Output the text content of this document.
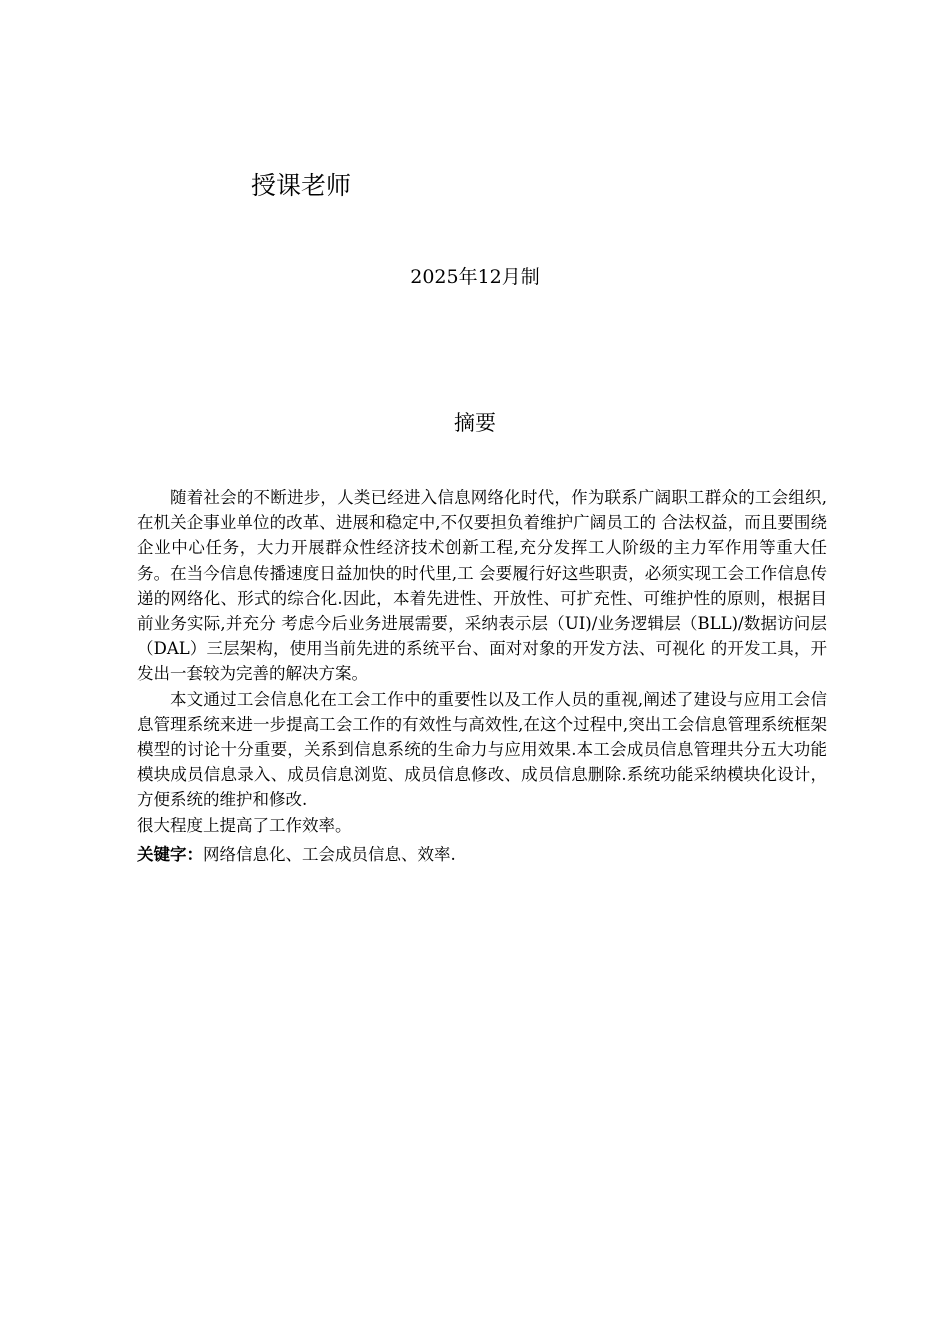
授课老师
2025年12月制
摘要

随着社会的不断进步，人类已经进入信息网络化时代，作为联系广阔职工群众的工会组织,在机关企事业单位的改革、进展和稳定中,不仅要担负着维护广阔员工的 合法权益，而且要围绕企业中心任务，大力开展群众性经济技术创新工程,充分发挥工人阶级的主力军作用等重大任务。在当今信息传播速度日益加快的时代里,工 会要履行好这些职责，必须实现工会工作信息传递的网络化、形式的综合化.因此，本着先进性、开放性、可扩充性、可维护性的原则，根据目前业务实际,并充分 考虑今后业务进展需要，采纳表示层（UI)/业务逻辑层（BLL)/数据访问层（DAL）三层架构，使用当前先进的系统平台、面对对象的开发方法、可视化 的开发工具，开发出一套较为完善的解决方案。

本文通过工会信息化在工会工作中的重要性以及工作人员的重视,阐述了建设与应用工会信息管理系统来进一步提高工会工作的有效性与高效性,在这个过程中,突出工会信息管理系统框架模型的讨论十分重要，关系到信息系统的生命力与应用效果.本工会成员信息管理共分五大功能模块成员信息录入、成员信息浏览、成员信息修改、成员信息删除.系统功能采纳模块化设计，方便系统的维护和修改.

很大程度上提高了工作效率。

关键字：网络信息化、工会成员信息、效率.
